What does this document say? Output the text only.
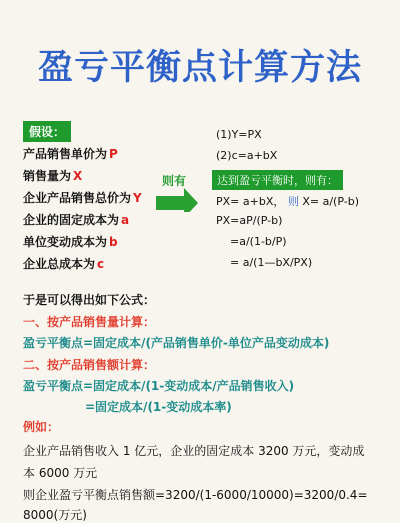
盈亏平衡点计算方法
假设：
产品销售单价为 P
销售量为 X
企业产品销售总价为 Y
企业的固定成本为 a
单位变动成本为 b
企业总成本为 c
则有
(1)Y=PX
(2)c=a+bX
达到盈亏平衡时，则有：
PX= a+bX， 则 X= a/(P-b)
PX=aP/(P-b)
=a/(1-b/P)
= a/(1—bX/PX)
于是可以得出如下公式：
一、按产品销售量计算：
盈亏平衡点=固定成本/(产品销售单价-单位产品变动成本)
二、按产品销售额计算：
盈亏平衡点=固定成本/(1-变动成本/产品销售收入)
=固定成本/(1-变动成本率)
例如：
企业产品销售收入 1 亿元，企业的固定成本 3200 万元，变动成
本 6000 万元
则企业盈亏平衡点销售额=3200/(1-6000/10000)=3200/0.4=
8000(万元)
